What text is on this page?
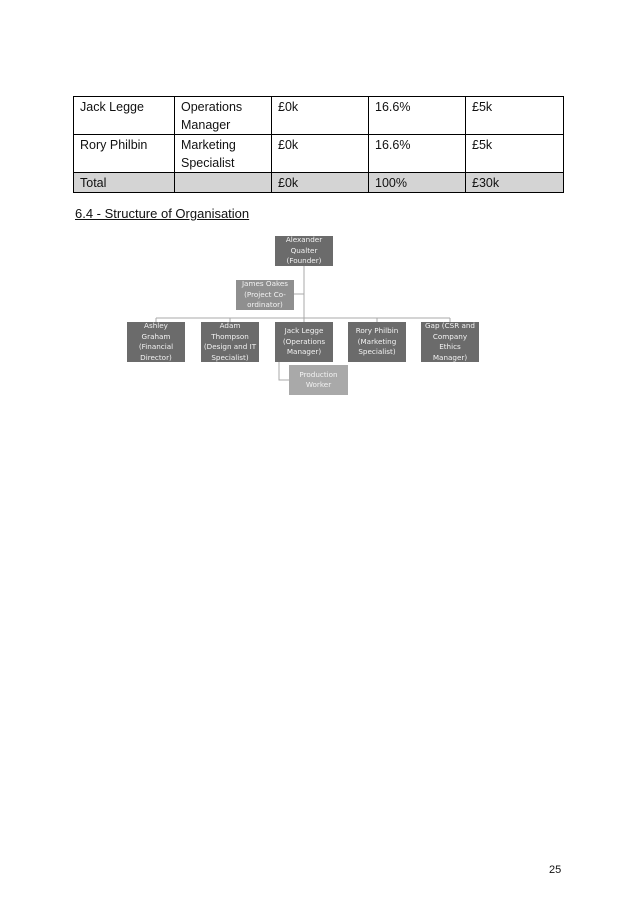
Jack Legge	Operations Manager	£0k	16.6%	£5k
Rory Philbin	Marketing Specialist	£0k	16.6%	£5k
Total		£0k	100%	£30k
6.4 - Structure of Organisation
Alexander Qualter (Founder)
James Oakes (Project Co-ordinator)
Ashley Graham (Financial Director)
Adam Thompson (Design and IT Specialist)
Jack Legge (Operations Manager)
Rory Philbin (Marketing Specialist)
Gap (CSR and Company Ethics Manager)
Production Worker
25
